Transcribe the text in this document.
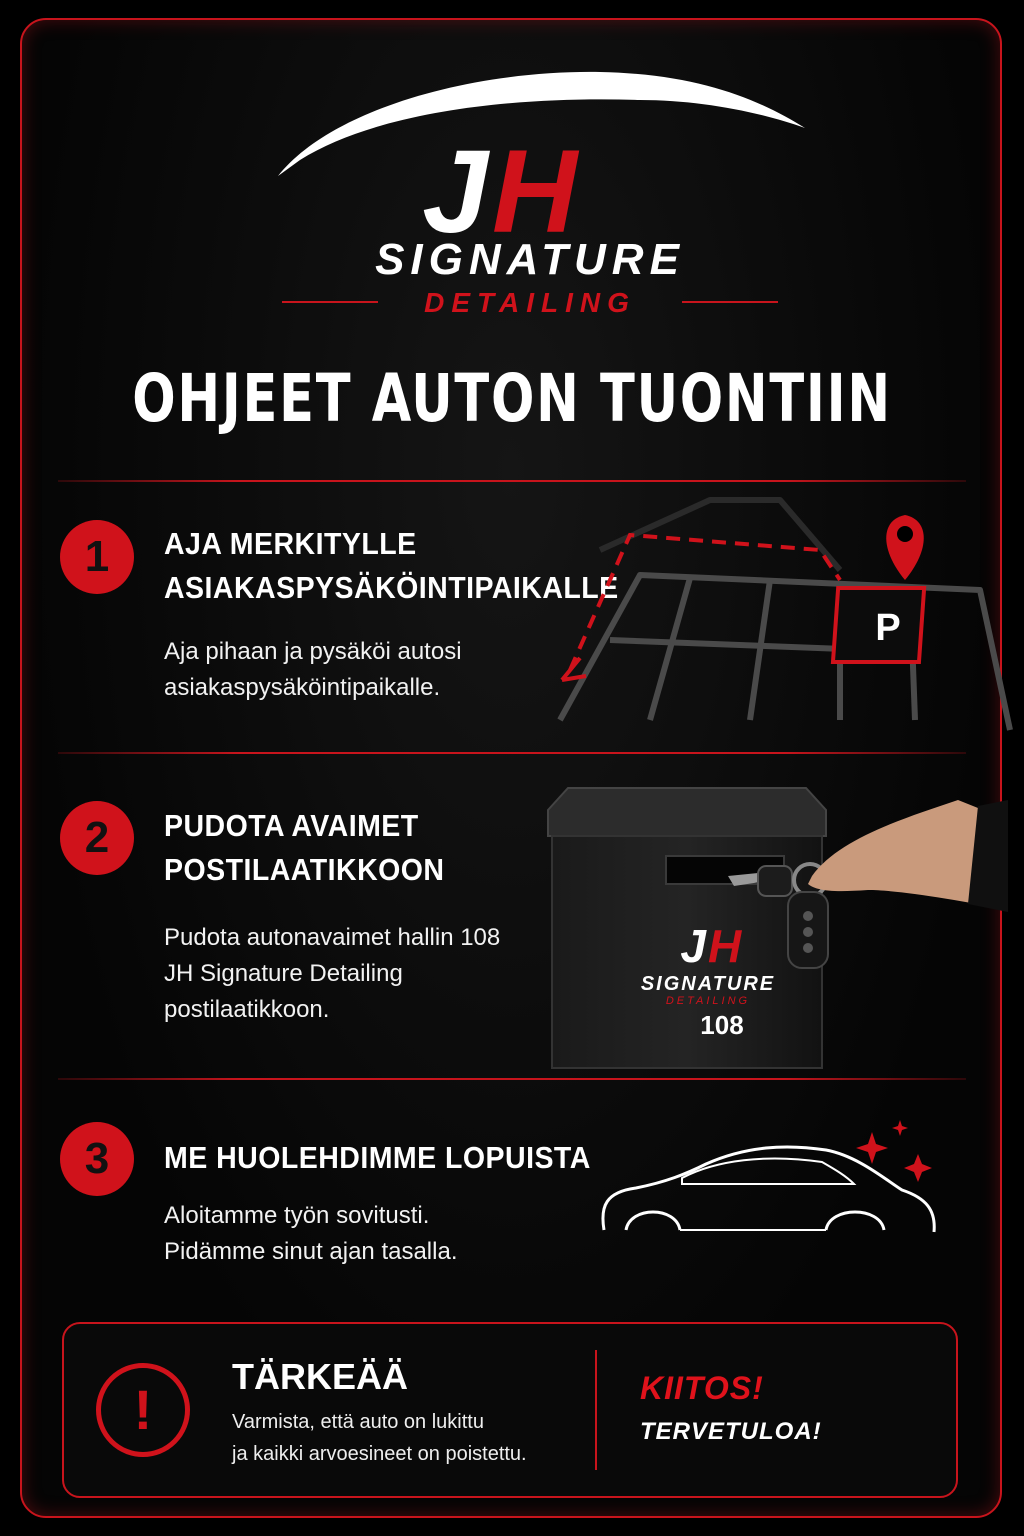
J H
SIGNATURE
DETAILING
OHJEET AUTON TUONTIIN
1	AJA MERKITYLLE
ASIAKASPYSÄKÖINTIPAIKALLE
Aja pihaan ja pysäköi autosi
asiakaspysäköintipaikalle.
P
2	PUDOTA AVAIMET
POSTILAATIKKOON
Pudota autonavaimet hallin 108
JH Signature Detailing
postilaatikkoon.
J H
SIGNATURE
DETAILING
108
3	ME HUOLEHDIMME LOPUISTA
Aloitamme työn sovitusti.
Pidämme sinut ajan tasalla.
!
TÄRKEÄÄ
Varmista, että auto on lukittu
ja kaikki arvoesineet on poistettu.
KIITOS!
TERVETULOA!
